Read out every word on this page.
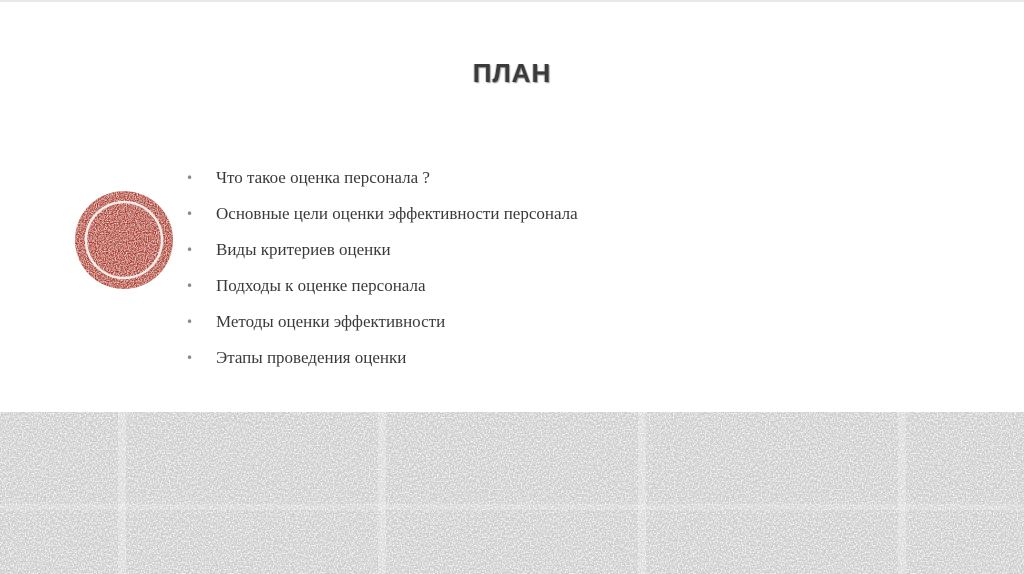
ПЛАН
• Что такое оценка персонала ?
• Основные цели оценки эффективности персонала
• Виды критериев оценки
• Подходы к оценке персонала
• Методы оценки эффективности
• Этапы проведения оценки
